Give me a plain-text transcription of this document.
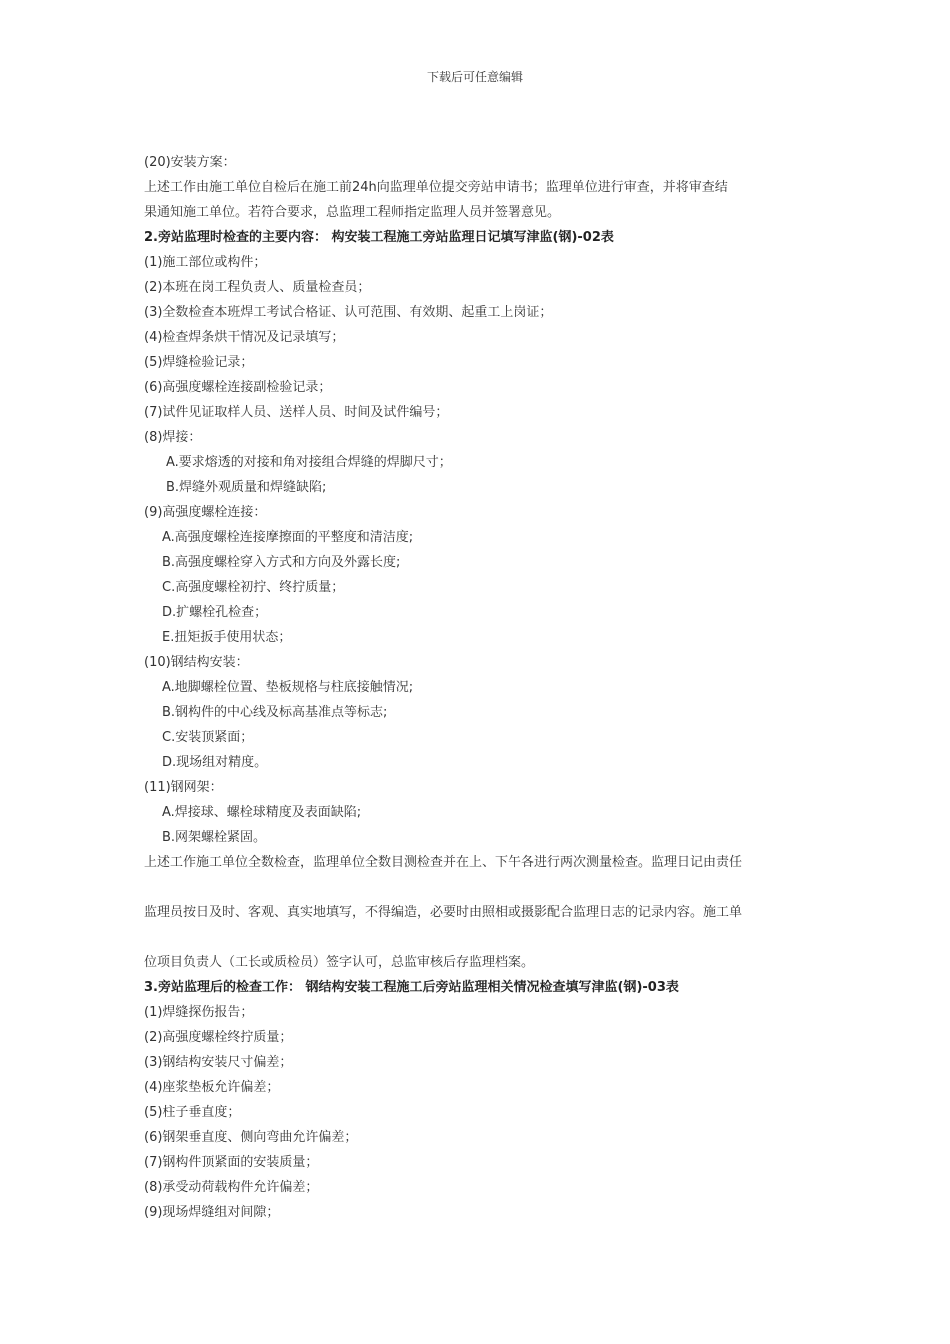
下载后可任意编辑
(20)安装方案：
上述工作由施工单位自检后在施工前24h向监理单位提交旁站申请书；监理单位进行审查，并将审查结
果通知施工单位。若符合要求，总监理工程师指定监理人员并签署意见。
2.旁站监理时检查的主要内容： 构安装工程施工旁站监理日记填写津监(钢)-02表
(1)施工部位或构件；
(2)本班在岗工程负责人、质量检查员；
(3)全数检查本班焊工考试合格证、认可范围、有效期、起重工上岗证；
(4)检查焊条烘干情况及记录填写；
(5)焊缝检验记录；
(6)高强度螺栓连接副检验记录；
(7)试件见证取样人员、送样人员、时间及试件编号；
(8)焊接：
A.要求熔透的对接和角对接组合焊缝的焊脚尺寸；
B.焊缝外观质量和焊缝缺陷;
(9)高强度螺栓连接：
A.高强度螺栓连接摩擦面的平整度和清洁度;
B.高强度螺栓穿入方式和方向及外露长度;
C.高强度螺栓初拧、终拧质量；
D.扩螺栓孔检查；
E.扭矩扳手使用状态；
(10)钢结构安装：
A.地脚螺栓位置、垫板规格与柱底接触情况;
B.钢构件的中心线及标高基准点等标志;
C.安装顶紧面；
D.现场组对精度。
(11)钢网架：
A.焊接球、螺栓球精度及表面缺陷;
B.网架螺栓紧固。
上述工作施工单位全数检查，监理单位全数目测检查并在上、下午各进行两次测量检查。监理日记由责任
监理员按日及时、客观、真实地填写，不得编造，必要时由照相或摄影配合监理日志的记录内容。施工单
位项目负责人（工长或质检员）签字认可，总监审核后存监理档案。
3.旁站监理后的检查工作： 钢结构安装工程施工后旁站监理相关情况检查填写津监(钢)-03表
(1)焊缝探伤报告；
(2)高强度螺栓终拧质量；
(3)钢结构安装尺寸偏差；
(4)座浆垫板允许偏差；
(5)柱子垂直度；
(6)钢架垂直度、侧向弯曲允许偏差；
(7)钢构件顶紧面的安装质量；
(8)承受动荷载构件允许偏差；
(9)现场焊缝组对间隙；
